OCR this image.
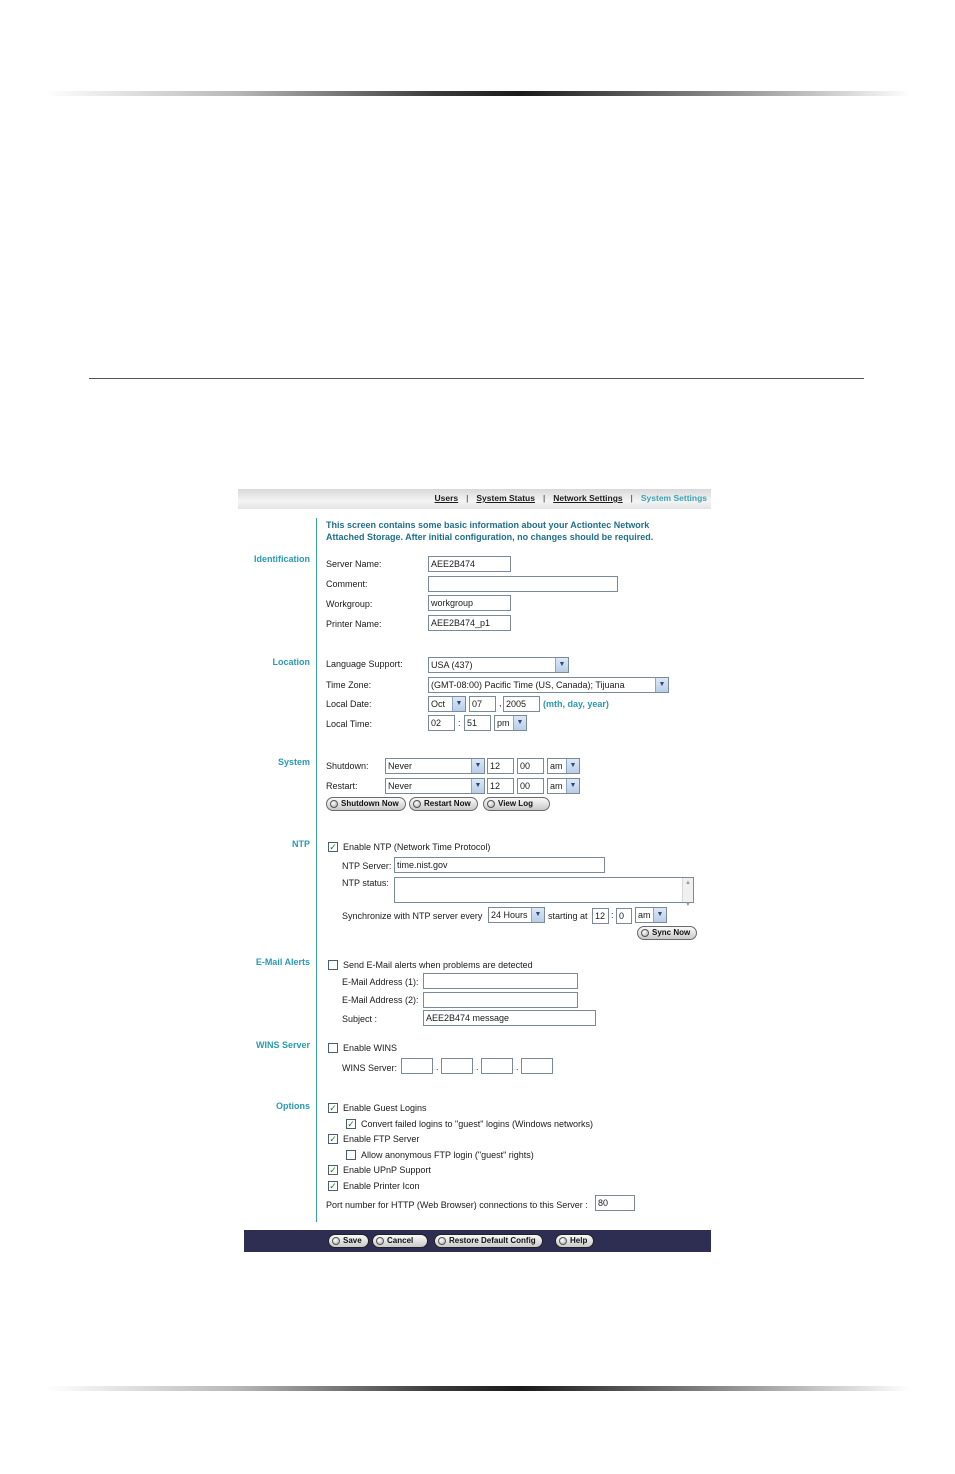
Users | System Status | Network Settings | System Settings
This screen contains some basic information about your Actiontec Network Attached Storage. After initial configuration, no changes should be required.
Identification Server Name:	AEE2B474
Comment:
Workgroup:	workgroup
Printer Name:	AEE2B474_p1
Location Language Support:	USA (437)	▼
Time Zone:	(GMT-08:00) Pacific Time (US, Canada); Tijuana	▼
Local Date:	Oct	▼	07	, 2005	(mth, day, year)
Local Time:	02	: 51	pm	▼
System Shutdown:	Never	▼ 12	00	am	▼
Restart:	Never	▼ 12	00	am	▼
Shutdown Now	Restart Now	View Log
NTP ✓ Enable NTP (Network Time Protocol)
NTP Server: time.nist.gov
NTP status:	▲

▼
Synchronize with NTP server every 24 Hours	▼ starting at 12 : 0	am ▼
Sync Now
E-Mail Alerts	Send E-Mail alerts when problems are detected
E-Mail Address (1):
E-Mail Address (2):
Subject :	AEE2B474 message
WINS Server	Enable WINS
WINS Server:	.	.	.
Options ✓ Enable Guest Logins
✓ Convert failed logins to "guest" logins (Windows networks)
✓ Enable FTP Server
Allow anonymous FTP login ("guest" rights)
✓ Enable UPnP Support
✓ Enable Printer Icon
Port number for HTTP (Web Browser) connections to this Server :	80
Save	Cancel	Restore Default Config	Help
